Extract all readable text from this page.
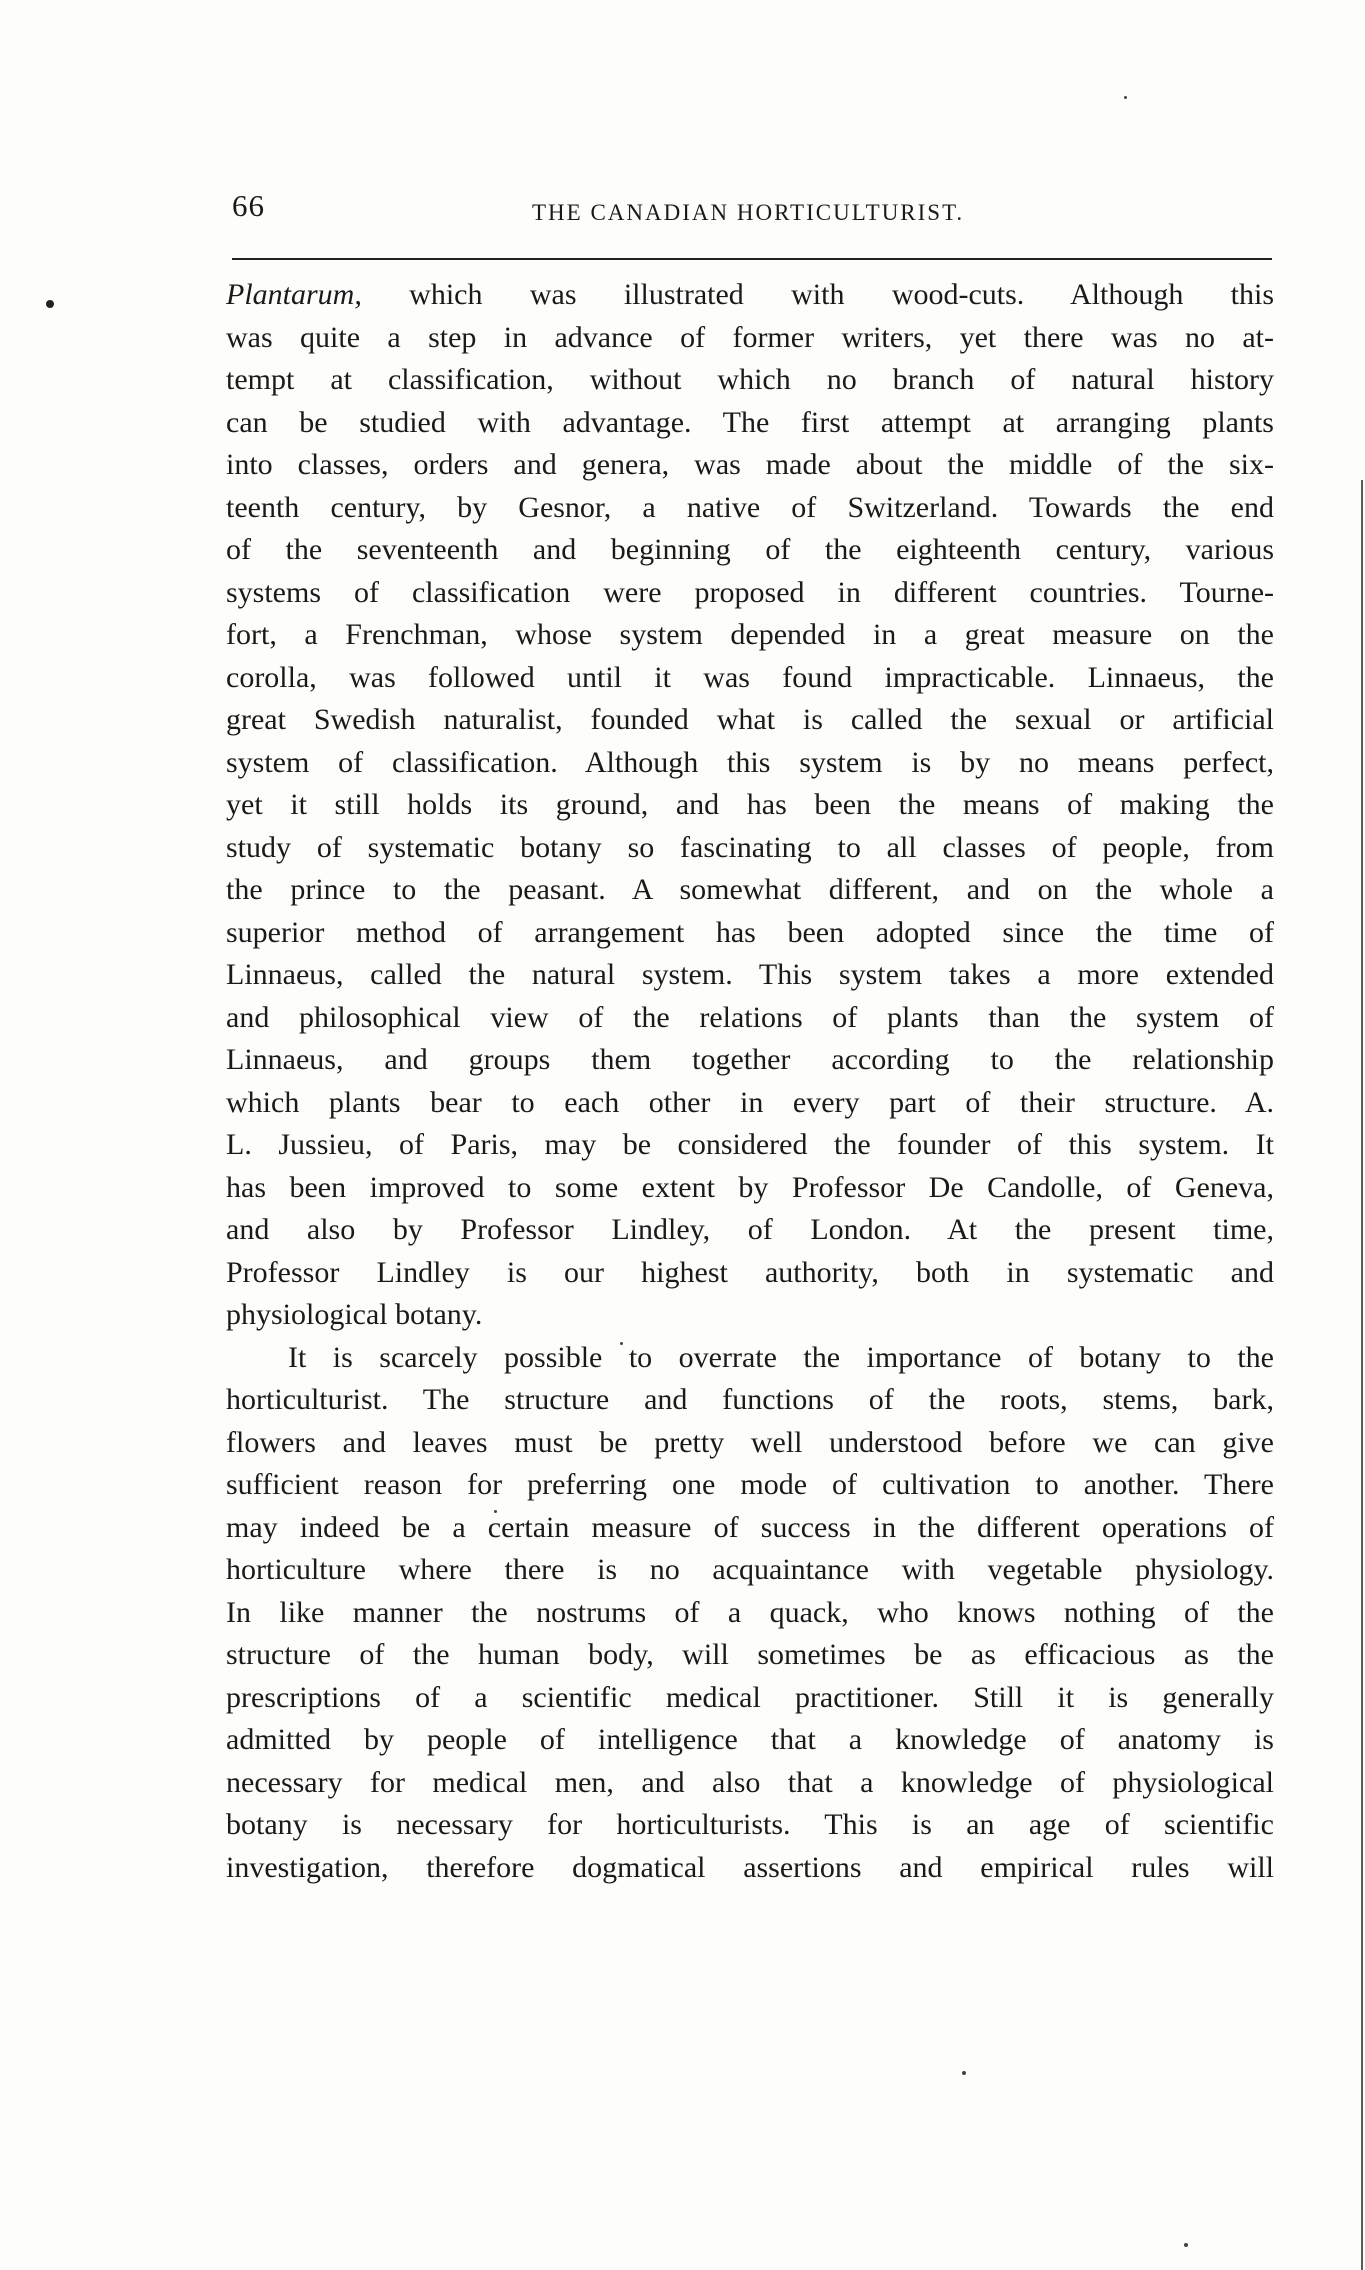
66	THE CANADIAN HORTICULTURIST.
Plantarum, which was illustrated with wood-cuts. Although this
was quite a step in advance of former writers, yet there was no at-
tempt at classification, without which no branch of natural history
can be studied with advantage. The first attempt at arranging plants
into classes, orders and genera, was made about the middle of the six-
teenth century, by Gesnor, a native of Switzerland. Towards the end
of the seventeenth and beginning of the eighteenth century, various
systems of classification were proposed in different countries. Tourne-
fort, a Frenchman, whose system depended in a great measure on the
corolla, was followed until it was found impracticable. Linnaeus, the
great Swedish naturalist, founded what is called the sexual or artificial
system of classification. Although this system is by no means perfect,
yet it still holds its ground, and has been the means of making the
study of systematic botany so fascinating to all classes of people, from
the prince to the peasant. A somewhat different, and on the whole a
superior method of arrangement has been adopted since the time of
Linnaeus, called the natural system. This system takes a more extended
and philosophical view of the relations of plants than the system of
Linnaeus, and groups them together according to the relationship
which plants bear to each other in every part of their structure. A.
L. Jussieu, of Paris, may be considered the founder of this system. It
has been improved to some extent by Professor De Candolle, of Geneva,
and also by Professor Lindley, of London. At the present time,
Professor Lindley is our highest authority, both in systematic and
physiological botany.
It is scarcely possible to overrate the importance of botany to the
horticulturist. The structure and functions of the roots, stems, bark,
flowers and leaves must be pretty well understood before we can give
sufficient reason for preferring one mode of cultivation to another. There
may indeed be a certain measure of success in the different operations of
horticulture where there is no acquaintance with vegetable physiology.
In like manner the nostrums of a quack, who knows nothing of the
structure of the human body, will sometimes be as efficacious as the
prescriptions of a scientific medical practitioner. Still it is generally
admitted by people of intelligence that a knowledge of anatomy is
necessary for medical men, and also that a knowledge of physiological
botany is necessary for horticulturists. This is an age of scientific
investigation, therefore dogmatical assertions and empirical rules will
